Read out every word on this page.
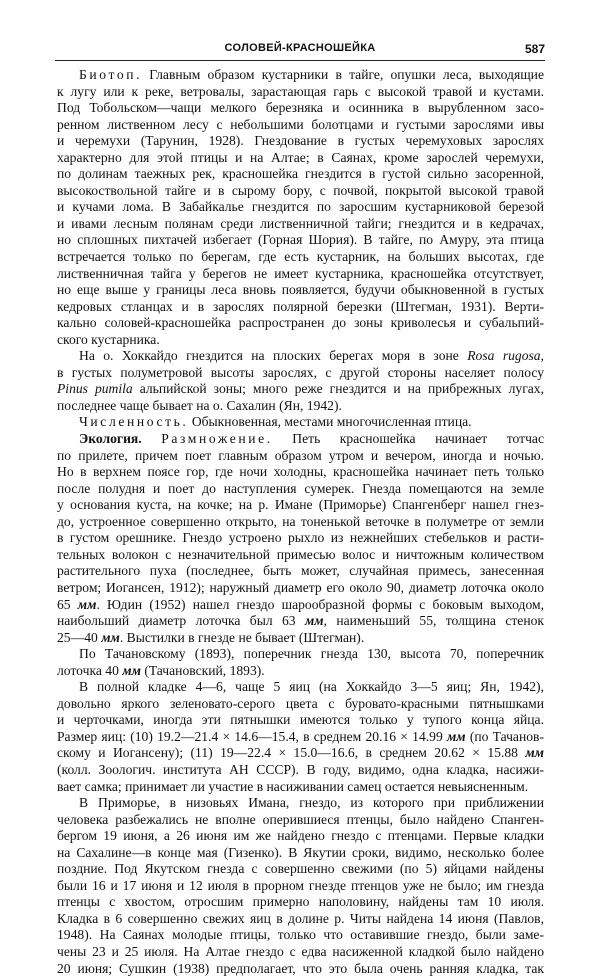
СОЛОВЕЙ-КРАСНОШЕЙКА	587
Биотоп. Главным образом кустарники в тайге, опушки леса, выходящие
к лугу или к реке, ветровалы, зарастающая гарь с высокой травой и кустами.
Под Тобольском—чащи мелкого березняка и осинника в вырубленном засо-
ренном лиственном лесу с небольшими болотцами и густыми зарослями ивы
и черемухи (Тарунин, 1928). Гнездование в густых черемуховых зарослях
характерно для этой птицы и на Алтае; в Саянах, кроме зарослей черемухи,
по долинам таежных рек, красношейка гнездится в густой сильно засоренной,
высокоствольной тайге и в сырому бору, с почвой, покрытой высокой травой
и кучами лома. В Забайкалье гнездится по заросшим кустарниковой березой
и ивами лесным полянам среди лиственничной тайги; гнездится и в кедрачах,
но сплошных пихтачей избегает (Горная Шория). В тайге, по Амуру, эта птица
встречается только по берегам, где есть кустарник, на больших высотах, где
лиственничная тайга у берегов не имеет кустарника, красношейка отсутствует,
но еще выше у границы леса вновь появляется, будучи обыкновенной в густых
кедровых стланцах и в зарослях полярной березки (Штегман, 1931). Верти-
кально соловей-красношейка распространен до зоны криволесья и субальпий-
ского кустарника.
На о. Хоккайдо гнездится на плоских берегах моря в зоне Rosa rugosa,
в густых полуметровой высоты зарослях, с другой стороны населяет полосу
Pinus pumila альпийской зоны; много реже гнездится и на прибрежных лугах,
последнее чаще бывает на о. Сахалин (Ян, 1942).
Численность. Обыкновенная, местами многочисленная птица.
Экология. Размножение. Петь красношейка начинает тотчас
по прилете, причем поет главным образом утром и вечером, иногда и ночью.
Но в верхнем поясе гор, где ночи холодны, красношейка начинает петь только
после полудня и поет до наступления сумерек. Гнезда помещаются на земле
у основания куста, на кочке; на р. Имане (Приморье) Спангенберг нашел гнез-
до, устроенное совершенно открыто, на тоненькой веточке в полуметре от земли
в густом орешнике. Гнездо устроено рыхло из нежнейших стебельков и расти-
тельных волокон с незначительной примесью волос и ничтожным количеством
растительного пуха (последнее, быть может, случайная примесь, занесенная
ветром; Иогансен, 1912); наружный диаметр его около 90, диаметр лоточка около
65 мм. Юдин (1952) нашел гнездо шарообразной формы с боковым выходом,
наибольший диаметр лоточка был 63 мм, наименьший 55, толщина стенок
25—40 мм. Выстилки в гнезде не бывает (Штегман).
По Тачановскому (1893), поперечник гнезда 130, высота 70, поперечник
лоточка 40 мм (Тачановский, 1893).
В полной кладке 4—6, чаще 5 яиц (на Хоккайдо 3—5 яиц; Ян, 1942),
довольно яркого зеленовато-серого цвета с буровато-красными пятнышками
и черточками, иногда эти пятнышки имеются только у тупого конца яйца.
Размер яиц: (10) 19.2—21.4 × 14.6—15.4, в среднем 20.16 × 14.99 мм (по Тачанов-
скому и Иогансену); (11) 19—22.4 × 15.0—16.6, в среднем 20.62 × 15.88 мм
(колл. Зоологич. института АН СССР). В году, видимо, одна кладка, насижи-
вает самка; принимает ли участие в насиживании самец остается невыясненным.
В Приморье, в низовьях Имана, гнездо, из которого при приближении
человека разбежались не вполне оперившиеся птенцы, было найдено Спанген-
бергом 19 июня, а 26 июня им же найдено гнездо с птенцами. Первые кладки
на Сахалине—в конце мая (Гизенко). В Якутии сроки, видимо, несколько более
поздние. Под Якутском гнезда с совершенно свежими (по 5) яйцами найдены
были 16 и 17 июня и 12 июля в прорном гнезде птенцов уже не было; им гнезда
птенцы с хвостом, отросшим примерно наполовину, найдены там 10 июля.
Кладка в 6 совершенно свежих яиц в долине р. Читы найдена 14 июня (Павлов,
1948). На Саянах молодые птицы, только что оставившие гнездо, были заме-
чены 23 и 25 июля. На Алтае гнездо с едва насиженной кладкой было найдено
20 июня; Сушкин (1938) предполагает, что это была очень ранняя кладка, так
